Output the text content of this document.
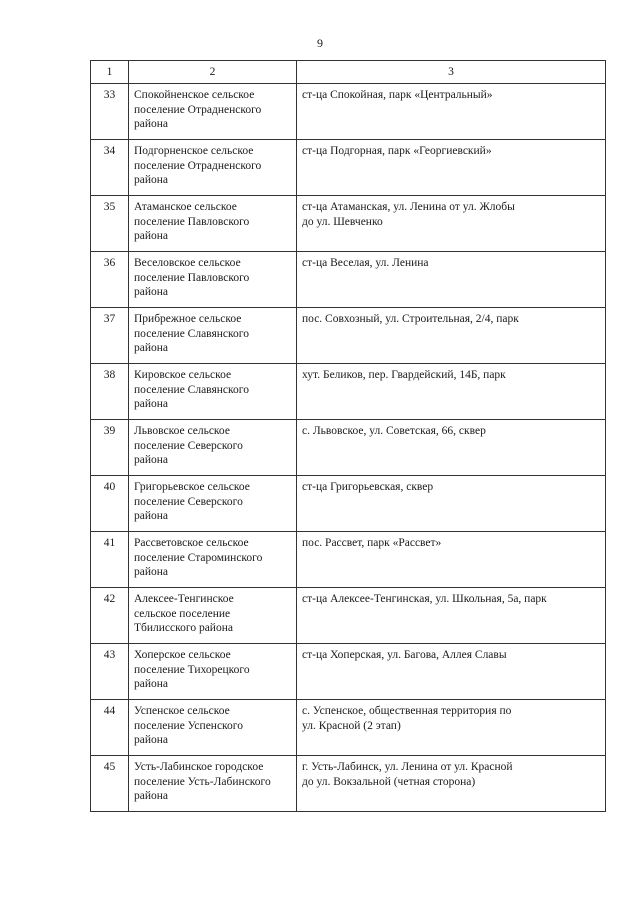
9
1	2	3
33	Спокойненское сельское
поселение Отрадненского
района	ст-ца Спокойная, парк «Центральный»
34	Подгорненское сельское
поселение Отрадненского
района	ст-ца Подгорная, парк «Георгиевский»
35	Атаманское сельское
поселение Павловского
района	ст-ца Атаманская, ул. Ленина от ул. Жлобы
до ул. Шевченко
36	Веселовское сельское
поселение Павловского
района	ст-ца Веселая, ул. Ленина
37	Прибрежное сельское
поселение Славянского
района	пос. Совхозный, ул. Строительная, 2/4, парк
38	Кировское сельское
поселение Славянского
района	хут. Беликов, пер. Гвардейский, 14Б, парк
39	Львовское сельское
поселение Северского
района	с. Львовское, ул. Советская, 66, сквер
40	Григорьевское сельское
поселение Северского
района	ст-ца Григорьевская, сквер
41	Рассветовское сельское
поселение Староминского
района	пос. Рассвет, парк «Рассвет»
42	Алексее-Тенгинское
сельское поселение
Тбилисского района	ст-ца Алексее-Тенгинская, ул. Школьная, 5а, парк
43	Хоперское сельское
поселение Тихорецкого
района	ст-ца Хоперская, ул. Багова, Аллея Славы
44	Успенское сельское
поселение Успенского
района	с. Успенское, общественная территория по
ул. Красной (2 этап)
45	Усть-Лабинское городское
поселение Усть-Лабинского
района	г. Усть-Лабинск, ул. Ленина от ул. Красной
до ул. Вокзальной (четная сторона)
